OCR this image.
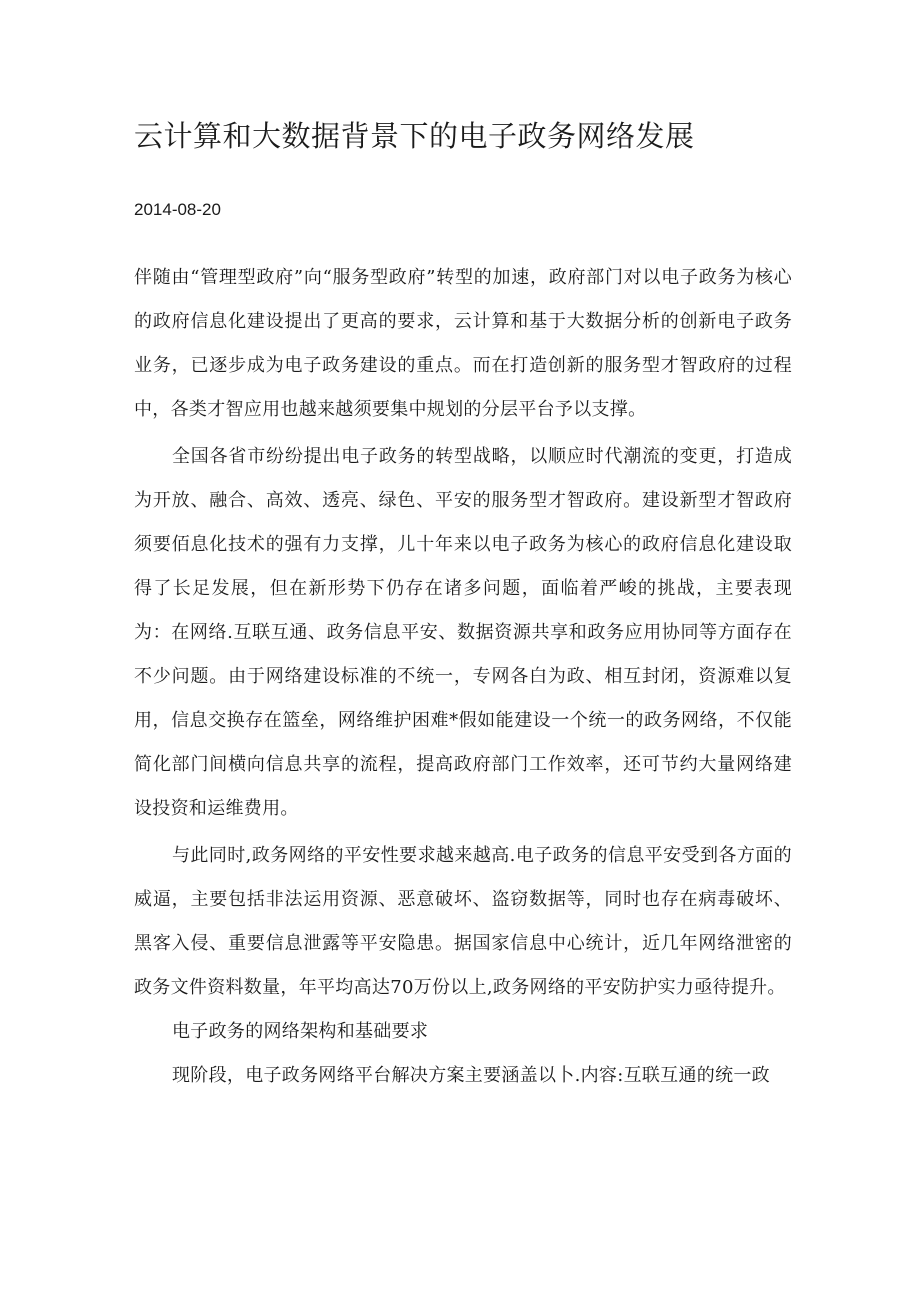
云计算和大数据背景下的电子政务网络发展
2014-08-20

伴随由“管理型政府”向“服务型政府”转型的加速，政府部门对以电子政务为核心的政府信息化建设提出了更高的要求，云计算和基于大数据分析的创新电子政务业务，已逐步成为电子政务建设的重点。而在打造创新的服务型才智政府的过程中，各类才智应用也越来越须要集中规划的分层平台予以支撑。

全国各省市纷纷提出电子政务的转型战略，以顺应时代潮流的变更，打造成为开放、融合、高效、透亮、绿色、平安的服务型才智政府。建设新型才智政府须要佰息化技术的强有力支撑，儿十年来以电子政务为核心的政府信息化建设取得了长足发展，但在新形势下仍存在诸多问题，面临着严峻的挑战，主要表现为：在网络.互联互通、政务信息平安、数据资源共享和政务应用协同等方面存在不少问题。由于网络建设标准的不统一，专网各白为政、相互封闭，资源难以复用，信息交换存在篮垒，网络维护困难*假如能建设一个统一的政务网络，不仅能简化部门间横向信息共享的流程，提高政府部门工作效率，还可节约大量网络建设投资和运维费用。

与此同时,政务网络的平安性要求越来越高.电子政务的信息平安受到各方面的威逼，主要包括非法运用资源、恶意破坏、盗窃数据等，同时也存在病毒破坏、黑客入侵、重要信息泄露等平安隐患。据国家信息中心统计，近几年网络泄密的政务文件资料数量，年平均高达70万份以上,政务网络的平安防护实力亟待提升。

电子政务的网络架构和基础要求

现阶段，电子政务网络平台解决方案主要涵盖以卜.内容:互联互通的统一政
